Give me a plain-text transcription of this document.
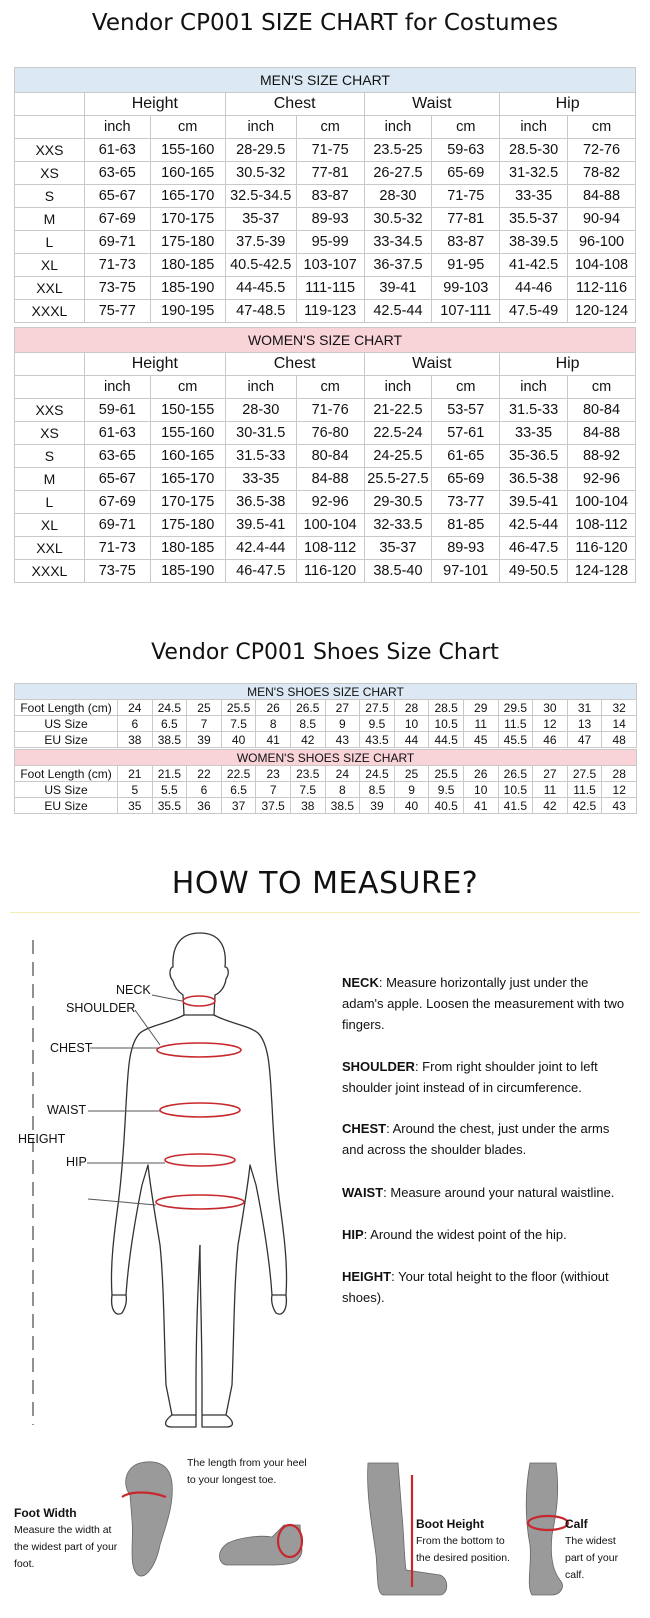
Vendor CP001 SIZE CHART for Costumes
MEN'S SIZE CHART								
	Height		Chest		Waist		Hip	
	inch	cm	inch	cm	inch	cm	inch	cm
XXS	61-63	155-160	28-29.5	71-75	23.5-25	59-63	28.5-30	72-76
XS	63-65	160-165	30.5-32	77-81	26-27.5	65-69	31-32.5	78-82
S	65-67	165-170	32.5-34.5	83-87	28-30	71-75	33-35	84-88
M	67-69	170-175	35-37	89-93	30.5-32	77-81	35.5-37	90-94
L	69-71	175-180	37.5-39	95-99	33-34.5	83-87	38-39.5	96-100
XL	71-73	180-185	40.5-42.5	103-107	36-37.5	91-95	41-42.5	104-108
XXL	73-75	185-190	44-45.5	111-115	39-41	99-103	44-46	112-116
XXXL	75-77	190-195	47-48.5	119-123	42.5-44	107-111	47.5-49	120-124
WOMEN'S SIZE CHART								
	Height		Chest		Waist		Hip	
	inch	cm	inch	cm	inch	cm	inch	cm
XXS	59-61	150-155	28-30	71-76	21-22.5	53-57	31.5-33	80-84
XS	61-63	155-160	30-31.5	76-80	22.5-24	57-61	33-35	84-88
S	63-65	160-165	31.5-33	80-84	24-25.5	61-65	35-36.5	88-92
M	65-67	165-170	33-35	84-88	25.5-27.5	65-69	36.5-38	92-96
L	67-69	170-175	36.5-38	92-96	29-30.5	73-77	39.5-41	100-104
XL	69-71	175-180	39.5-41	100-104	32-33.5	81-85	42.5-44	108-112
XXL	71-73	180-185	42.4-44	108-112	35-37	89-93	46-47.5	116-120
XXXL	73-75	185-190	46-47.5	116-120	38.5-40	97-101	49-50.5	124-128
Vendor CP001 Shoes Size Chart
MEN'S SHOES SIZE CHART															
Foot Length (cm)	24	24.5	25	25.5	26	26.5	27	27.5	28	28.5	29	29.5	30	31	32
US Size	6	6.5	7	7.5	8	8.5	9	9.5	10	10.5	11	11.5	12	13	14
EU Size	38	38.5	39	40	41	42	43	43.5	44	44.5	45	45.5	46	47	48
WOMEN'S SHOES SIZE CHART															
Foot Length (cm)	21	21.5	22	22.5	23	23.5	24	24.5	25	25.5	26	26.5	27	27.5	28
US Size	5	5.5	6	6.5	7	7.5	8	8.5	9	9.5	10	10.5	11	11.5	12
EU Size	35	35.5	36	37	37.5	38	38.5	39	40	40.5	41	41.5	42	42.5	43
HOW TO MEASURE?
NECK
SHOULDER
CHEST
WAIST
HEIGHT
HIP
NECK: Measure horizontally just under the adam's apple. Loosen the measurement with two fingers.
SHOULDER: From right shoulder joint to left shoulder joint instead of in circumference.
CHEST: Around the chest, just under the arms and across the shoulder blades.
WAIST: Measure around your natural waistline.
HIP: Around the widest point of the hip.
HEIGHT: Your total height to the floor (withiout shoes).
Foot Width
Measure the width at the widest part of your foot.
The length from your heel to your longest toe.
Boot Height
From the bottom to the desired position.
Calf
The widest part of your calf.
